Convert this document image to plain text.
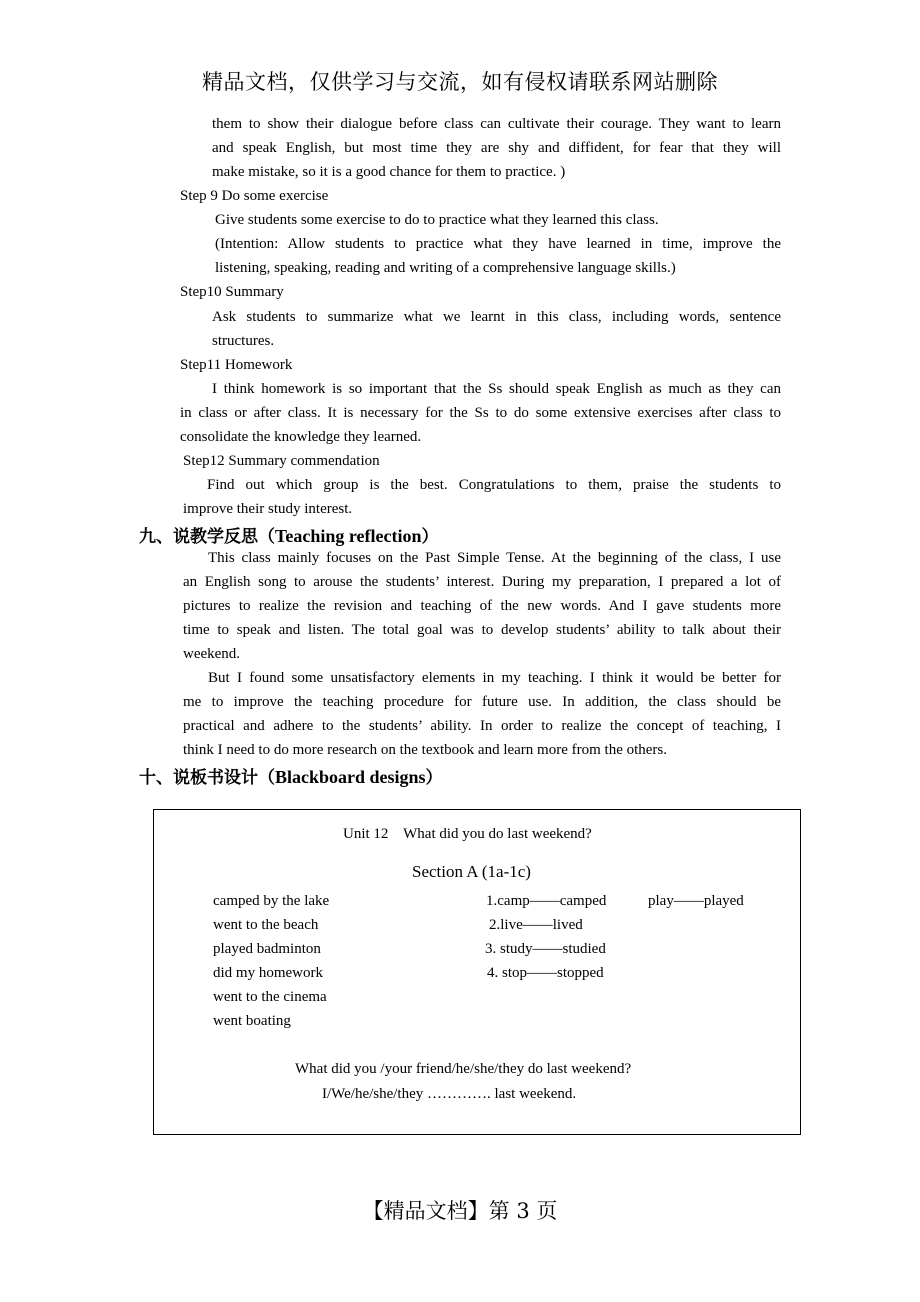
精品文档，仅供学习与交流，如有侵权请联系网站删除
them to show their dialogue before class can cultivate their courage. They want to learn
and speak English, but most time they are shy and diffident, for fear that they will
make mistake, so it is a good chance for them to practice. )
Step 9 Do some exercise
Give students some exercise to do to practice what they learned this class.
(Intention: Allow students to practice what they have learned in time, improve the
listening, speaking, reading and writing of a comprehensive language skills.)
Step10 Summary
Ask students to summarize what we learnt in this class, including words, sentence
structures.
Step11 Homework
I think homework is so important that the Ss should speak English as much as they can
in class or after class. It is necessary for the Ss to do some extensive exercises after class to
consolidate the knowledge they learned.
Step12 Summary commendation
Find out which group is the best. Congratulations to them, praise the students to
improve their study interest.
九、说教学反思（Teaching reflection）
This class mainly focuses on the Past Simple Tense. At the beginning of the class, I use
an English song to arouse the students’ interest. During my preparation, I prepared a lot of
pictures to realize the revision and teaching of the new words. And I gave students more
time to speak and listen. The total goal was to develop students’ ability to talk about their
weekend.
But I found some unsatisfactory elements in my teaching. I think it would be better for
me to improve the teaching procedure for future use. In addition, the class should be
practical and adhere to the students’ ability. In order to realize the concept of teaching, I
think I need to do more research on the textbook and learn more from the others.
十、说板书设计（Blackboard designs）
Unit 12    What did you do last weekend?
Section A (1a-1c)
camped by the lake
went to the beach
played badminton
did my homework
went to the cinema
went boating
1.camp——camped
2.live——lived
3. study——studied
4. stop——stopped
play——played
What did you /your friend/he/she/they do last weekend?
I/We/he/she/they …………. last weekend.
【精品文档】第 3 页
